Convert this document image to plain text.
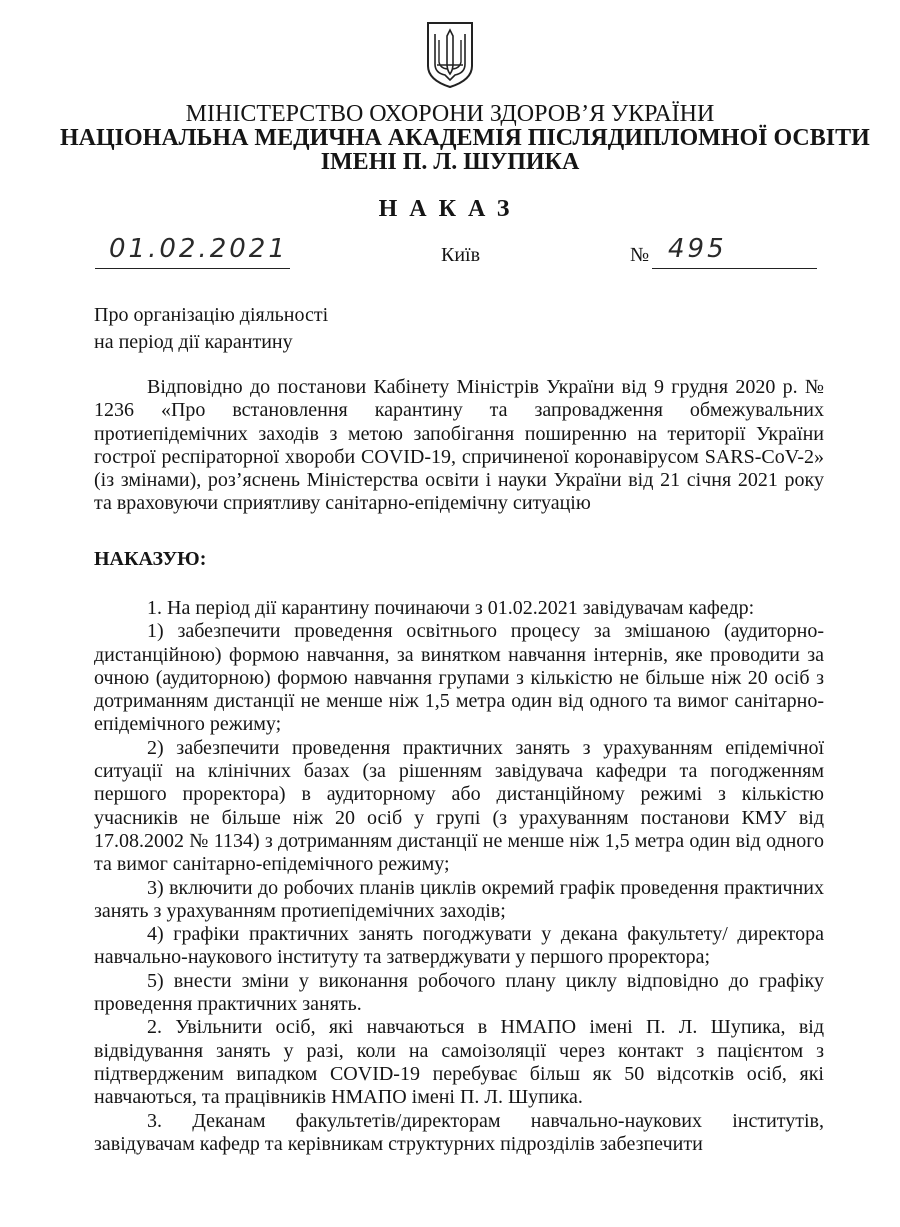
МІНІСТЕРСТВО ОХОРОНИ ЗДОРОВ’Я УКРАЇНИ
НАЦІОНАЛЬНА МЕДИЧНА АКАДЕМІЯ ПІСЛЯДИПЛОМНОЇ ОСВІТИ
ІМЕНІ П. Л. ШУПИКА
НАКАЗ
01.02.2021	Київ	№ 495
Про організацію діяльності
на період дії карантину

Відповідно до постанови Кабінету Міністрів України від 9 грудня 2020 р. № 1236 «Про встановлення карантину та запровадження обмежувальних протиепідемічних заходів з метою запобігання поширенню на території України гострої респіраторної хвороби COVID-19, спричиненої коронавірусом SARS-CoV-2» (із змінами), роз’яснень Міністерства освіти і науки України від 21 січня 2021 року та враховуючи сприятливу санітарно-епідемічну ситуацію

НАКАЗУЮ:

1. На період дії карантину починаючи з 01.02.2021 завідувачам кафедр:

1) забезпечити проведення освітнього процесу за змішаною (аудиторно-дистанційною) формою навчання, за винятком навчання інтернів, яке проводити за очною (аудиторною) формою навчання групами з кількістю не більше ніж 20 осіб з дотриманням дистанції не менше ніж 1,5 метра один від одного та вимог санітарно-епідемічного режиму;

2) забезпечити проведення практичних занять з урахуванням епідемічної ситуації на клінічних базах (за рішенням завідувача кафедри та погодженням першого проректора) в аудиторному або дистанційному режимі з кількістю учасників не більше ніж 20 осіб у групі (з урахуванням постанови КМУ від 17.08.2002 № 1134) з дотриманням дистанції не менше ніж 1,5 метра один від одного та вимог санітарно-епідемічного режиму;

3) включити до робочих планів циклів окремий графік проведення практичних занять з урахуванням протиепідемічних заходів;

4) графіки практичних занять погоджувати у декана факультету/ директора навчально-наукового інституту та затверджувати у першого проректора;

5) внести зміни у виконання робочого плану циклу відповідно до графіку проведення практичних занять.

2. Увільнити осіб, які навчаються в НМАПО імені П. Л. Шупика, від відвідування занять у разі, коли на самоізоляції через контакт з пацієнтом з підтвердженим випадком COVID-19 перебуває більш як 50 відсотків осіб, які навчаються, та працівників НМАПО імені П. Л. Шупика.

3. Деканам факультетів/директорам навчально-наукових інститутів, завідувачам кафедр та керівникам структурних підрозділів забезпечити
